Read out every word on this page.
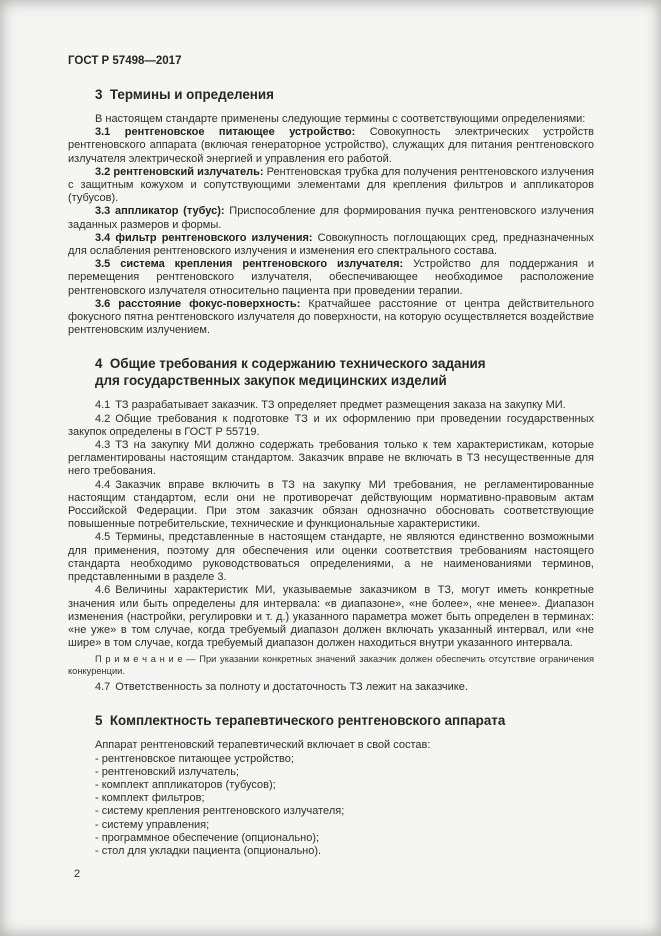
ГОСТ Р 57498—2017
3  Термины и определения

В настоящем стандарте применены следующие термины с соответствующими определениями:

3.1 рентгеновское питающее устройство: Совокупность электрических устройств рентгеновского аппарата (включая генераторное устройство), служащих для питания рентгеновского излучателя электрической энергией и управления его работой.

3.2 рентгеновский излучатель: Рентгеновская трубка для получения рентгеновского излучения с защитным кожухом и сопутствующими элементами для крепления фильтров и аппликаторов (тубусов).

3.3 аппликатор (тубус): Приспособление для формирования пучка рентгеновского излучения заданных размеров и формы.

3.4 фильтр рентгеновского излучения: Совокупность поглощающих сред, предназначенных для ослабления рентгеновского излучения и изменения его спектрального состава.

3.5 система крепления рентгеновского излучателя: Устройство для поддержания и перемещения рентгеновского излучателя, обеспечивающее необходимое расположение рентгеновского излучателя относительно пациента при проведении терапии.

3.6 расстояние фокус-поверхность: Кратчайшее расстояние от центра действительного фокусного пятна рентгеновского излучателя до поверхности, на которую осуществляется воздействие рентгеновским излучением.

4  Общие требования к содержанию технического задания
для государственных закупок медицинских изделий

4.1 ТЗ разрабатывает заказчик. ТЗ определяет предмет размещения заказа на закупку МИ.

4.2 Общие требования к подготовке ТЗ и их оформлению при проведении государственных закупок определены в ГОСТ Р 55719.

4.3 ТЗ на закупку МИ должно содержать требования только к тем характеристикам, которые регламентированы настоящим стандартом. Заказчик вправе не включать в ТЗ несущественные для него требования.

4.4 Заказчик вправе включить в ТЗ на закупку МИ требования, не регламентированные настоящим стандартом, если они не противоречат действующим нормативно-правовым актам Российской Федерации. При этом заказчик обязан однозначно обосновать соответствующие повышенные потребительские, технические и функциональные характеристики.

4.5 Термины, представленные в настоящем стандарте, не являются единственно возможными для применения, поэтому для обеспечения или оценки соответствия требованиям настоящего стандарта необходимо руководствоваться определениями, а не наименованиями терминов, представленными в разделе 3.

4.6 Величины характеристик МИ, указываемые заказчиком в ТЗ, могут иметь конкретные значения или быть определены для интервала: «в диапазоне», «не более», «не менее». Диапазон изменения (настройки, регулировки и т. д.) указанного параметра может быть определен в терминах: «не уже» в том случае, когда требуемый диапазон должен включать указанный интервал, или «не шире» в том случае, когда требуемый диапазон должен находиться внутри указанного интервала.

П р и м е ч а н и е — При указании конкретных значений заказчик должен обеспечить отсутствие ограничения конкуренции.

4.7 Ответственность за полноту и достаточность ТЗ лежит на заказчике.

5  Комплектность терапевтического рентгеновского аппарата

Аппарат рентгеновский терапевтический включает в свой состав:

- рентгеновское питающее устройство;

- рентгеновский излучатель;

- комплект аппликаторов (тубусов);

- комплект фильтров;

- систему крепления рентгеновского излучателя;

- систему управления;

- программное обеспечение (опционально);

- стол для укладки пациента (опционально).

2
